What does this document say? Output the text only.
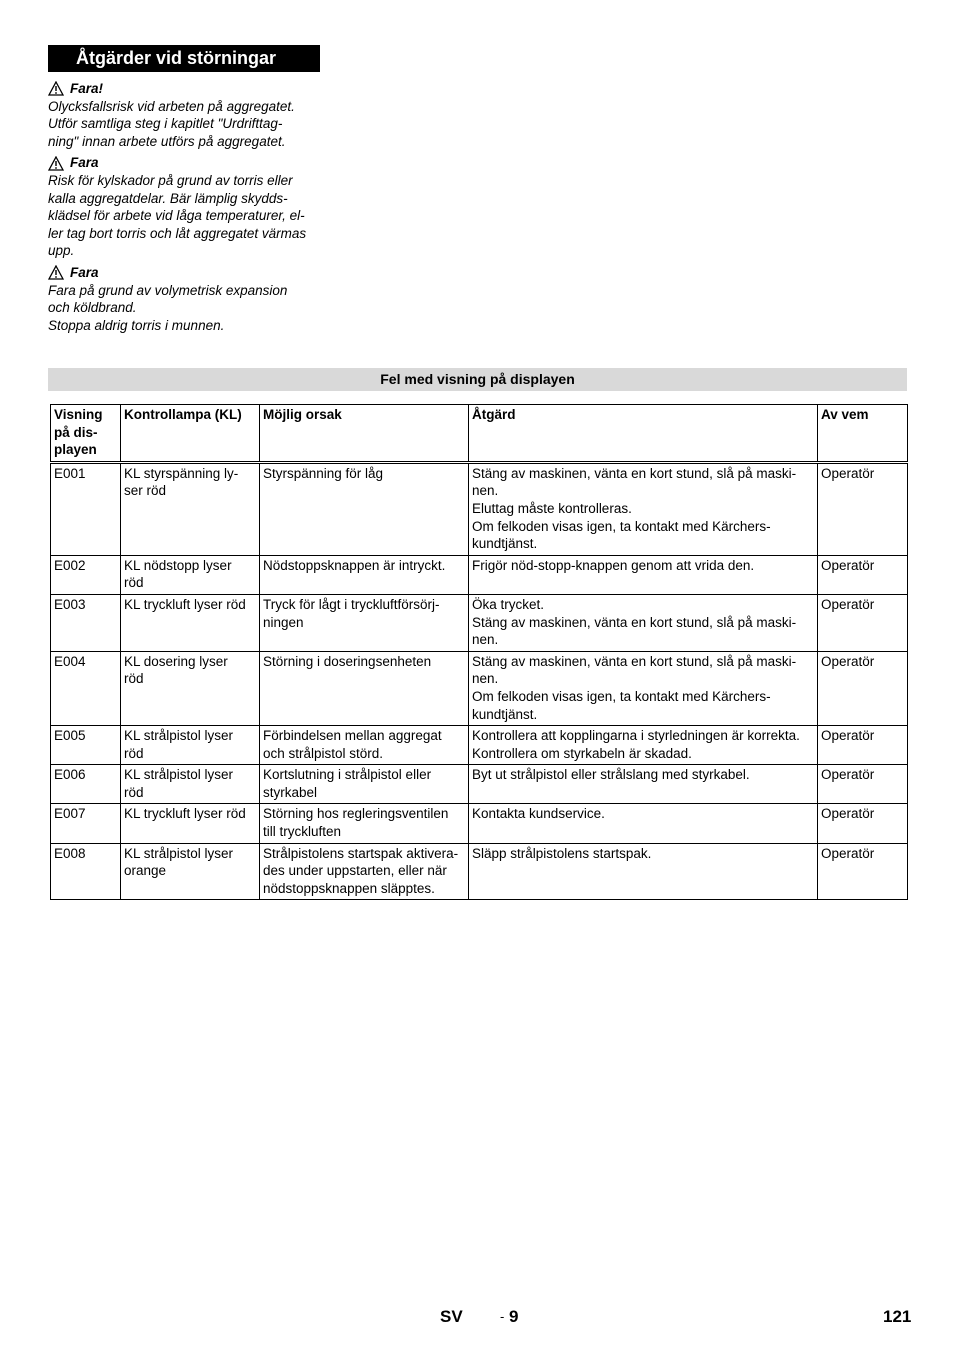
Åtgärder vid störningar
Fara!
Olycksfallsrisk vid arbeten på aggregatet.
Utför samtliga steg i kapitlet "Urdrifttag-
ning" innan arbete utförs på aggregatet.
Fara
Risk för kylskador på grund av torris eller
kalla aggregatdelar. Bär lämplig skydds-
klädsel för arbete vid låga temperaturer, el-
ler tag bort torris och låt aggregatet värmas
upp.
Fara
Fara på grund av volymetrisk expansion
och köldbrand.
Stoppa aldrig torris i munnen.
Fel med visning på displayen
Visning
på dis-
playen	Kontrollampa (KL)	Möjlig orsak	Åtgärd	Av vem
E001	KL styrspänning ly-
ser röd	Styrspänning för låg	Stäng av maskinen, vänta en kort stund, slå på maski-
nen.
Eluttag måste kontrolleras.
Om felkoden visas igen, ta kontakt med Kärchers-
kundtjänst.	Operatör
E002	KL nödstopp lyser
röd	Nödstoppsknappen är intryckt.	Frigör nöd-stopp-knappen genom att vrida den.	Operatör
E003	KL tryckluft lyser röd	Tryck för lågt i tryckluftförsörj-
ningen	Öka trycket.
Stäng av maskinen, vänta en kort stund, slå på maski-
nen.	Operatör
E004	KL dosering lyser
röd	Störning i doseringsenheten	Stäng av maskinen, vänta en kort stund, slå på maski-
nen.
Om felkoden visas igen, ta kontakt med Kärchers-
kundtjänst.	Operatör
E005	KL strålpistol lyser
röd	Förbindelsen mellan aggregat
och strålpistol störd.	Kontrollera att kopplingarna i styrledningen är korrekta.
Kontrollera om styrkabeln är skadad.	Operatör
E006	KL strålpistol lyser
röd	Kortslutning i strålpistol eller
styrkabel	Byt ut strålpistol eller strålslang med styrkabel.	Operatör
E007	KL tryckluft lyser röd	Störning hos regleringsventilen
till tryckluften	Kontakta kundservice.	Operatör
E008	KL strålpistol lyser
orange	Strålpistolens startspak aktivera-
des under uppstarten, eller när
nödstoppsknappen släpptes.	Släpp strålpistolens startspak.	Operatör
SV	- 9	121
